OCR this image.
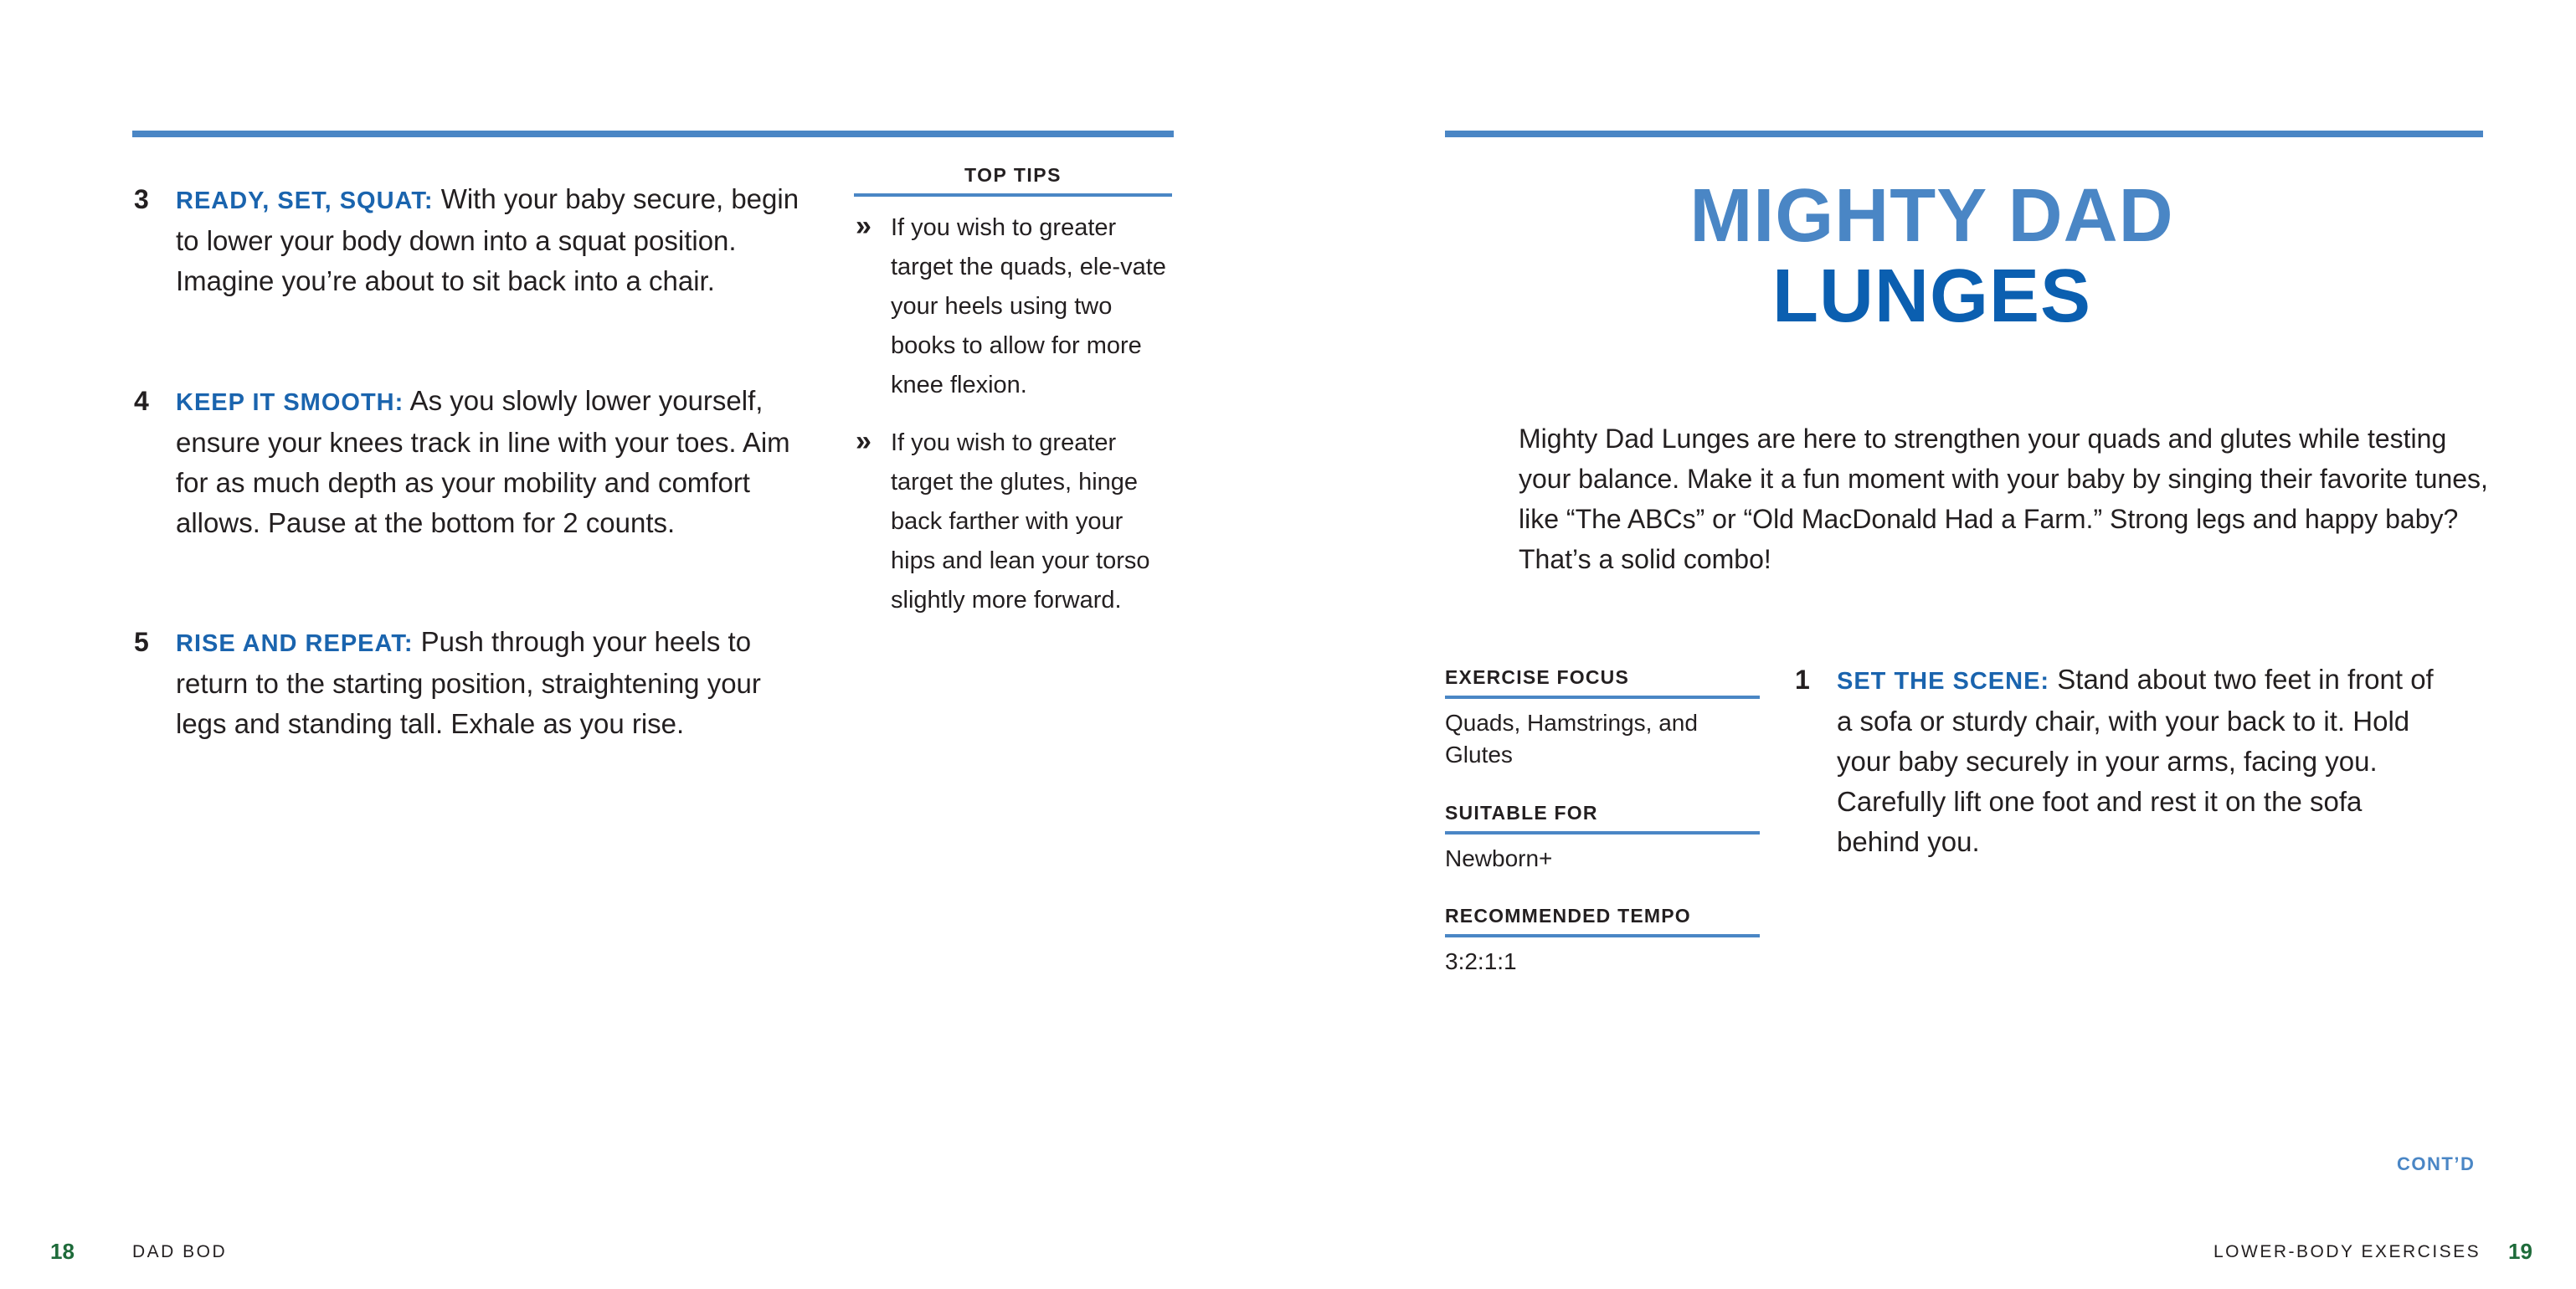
3 READY, SET, SQUAT: With your baby secure, begin to lower your body down into a squat position. Imagine you’re about to sit back into a chair.
4 KEEP IT SMOOTH: As you slowly lower yourself, ensure your knees track in line with your toes. Aim for as much depth as your mobility and comfort allows. Pause at the bottom for 2 counts.
5 RISE AND REPEAT: Push through your heels to return to the starting position, straightening your legs and standing tall. Exhale as you rise.
TOP TIPS
» If you wish to greater target the quads, ele-vate your heels using two books to allow for more knee flexion.
» If you wish to greater target the glutes, hinge back farther with your hips and lean your torso slightly more forward.
18	DAD BOD
MIGHTY DAD
LUNGES

Mighty Dad Lunges are here to strengthen your quads and glutes while testing your balance. Make it a fun moment with your baby by singing their favorite tunes, like “The ABCs” or “Old MacDonald Had a Farm.” Strong legs and happy baby? That’s a solid combo!

EXERCISE FOCUS
Quads, Hamstrings, and Glutes
SUITABLE FOR
Newborn+
RECOMMENDED TEMPO
3:2:1:1
1 SET THE SCENE: Stand about two feet in front of a sofa or sturdy chair, with your back to it. Hold your baby securely in your arms, facing you. Carefully lift one foot and rest it on the sofa behind you.
CONT’D
LOWER-BODY EXERCISES 19
